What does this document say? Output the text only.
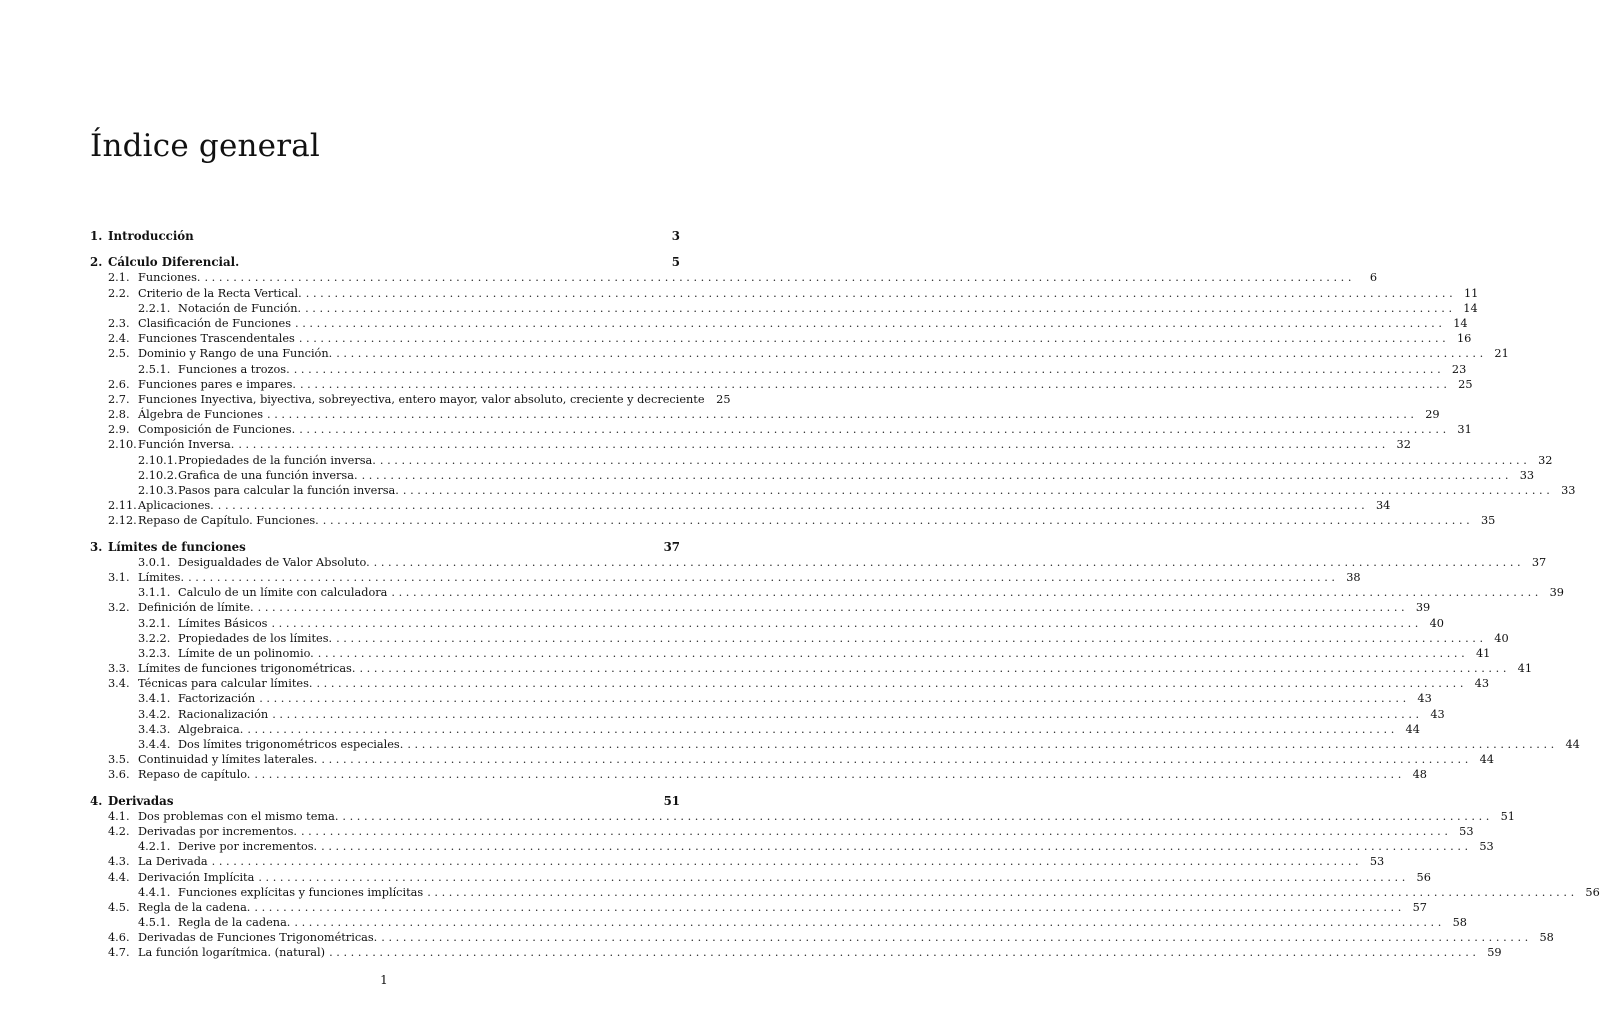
Índice general
1. Introducción	3
2. Cálculo Diferencial.	5
2.1. Funciones. ................................................................................................................................................................	6
2.2. Criterio de la Recta Vertical. ................................................................................................................................................................ 11
2.2.1. Notación de Función. ................................................................................................................................................................ 14
2.3. Clasificación de Funciones ................................................................................................................................................................ 14
2.4. Funciones Trascendentales ................................................................................................................................................................ 16
2.5. Dominio y Rango de una Función. ................................................................................................................................................................ 21
2.5.1. Funciones a trozos. ................................................................................................................................................................ 23
2.6. Funciones pares e impares. ................................................................................................................................................................ 25
2.7. Funciones Inyectiva, biyectiva, sobreyectiva, entero mayor, valor absoluto, creciente y decreciente	25
2.8. Álgebra de Funciones ................................................................................................................................................................ 29
2.9. Composición de Funciones. ................................................................................................................................................................ 31
2.10. Función Inversa. ................................................................................................................................................................ 32
2.10.1. Propiedades de la función inversa. ................................................................................................................................................................ 32
2.10.2. Grafica de una función inversa. ................................................................................................................................................................ 33
2.10.3. Pasos para calcular la función inversa. ................................................................................................................................................................ 33
2.11. Aplicaciones. ................................................................................................................................................................ 34
2.12. Repaso de Capítulo. Funciones. ................................................................................................................................................................ 35
3. Límites de funciones	37
3.0.1. Desigualdades de Valor Absoluto. ................................................................................................................................................................ 37
3.1. Límites. ................................................................................................................................................................ 38
3.1.1. Calculo de un límite con calculadora ................................................................................................................................................................ 39
3.2. Definición de límite. ................................................................................................................................................................ 39
3.2.1. Límites Básicos ................................................................................................................................................................ 40
3.2.2. Propiedades de los límites. ................................................................................................................................................................ 40
3.2.3. Límite de un polinomio. ................................................................................................................................................................ 41
3.3. Límites de funciones trigonométricas. ................................................................................................................................................................ 41
3.4. Técnicas para calcular límites. ................................................................................................................................................................ 43
3.4.1. Factorización ................................................................................................................................................................ 43
3.4.2. Racionalización ................................................................................................................................................................ 43
3.4.3. Algebraica. ................................................................................................................................................................ 44
3.4.4. Dos límites trigonométricos especiales. ................................................................................................................................................................ 44
3.5. Continuidad y límites laterales. ................................................................................................................................................................ 44
3.6. Repaso de capítulo. ................................................................................................................................................................ 48
4. Derivadas	51
4.1. Dos problemas con el mismo tema. ................................................................................................................................................................ 51
4.2. Derivadas por incrementos. ................................................................................................................................................................ 53
4.2.1. Derive por incrementos. ................................................................................................................................................................ 53
4.3. La Derivada ................................................................................................................................................................ 53
4.4. Derivación Implícita ................................................................................................................................................................ 56
4.4.1. Funciones explícitas y funciones implícitas ................................................................................................................................................................ 56
4.5. Regla de la cadena. ................................................................................................................................................................ 57
4.5.1. Regla de la cadena. ................................................................................................................................................................ 58
4.6. Derivadas de Funciones Trigonométricas. ................................................................................................................................................................ 58
4.7. La función logarítmica. (natural) ................................................................................................................................................................ 59
1
